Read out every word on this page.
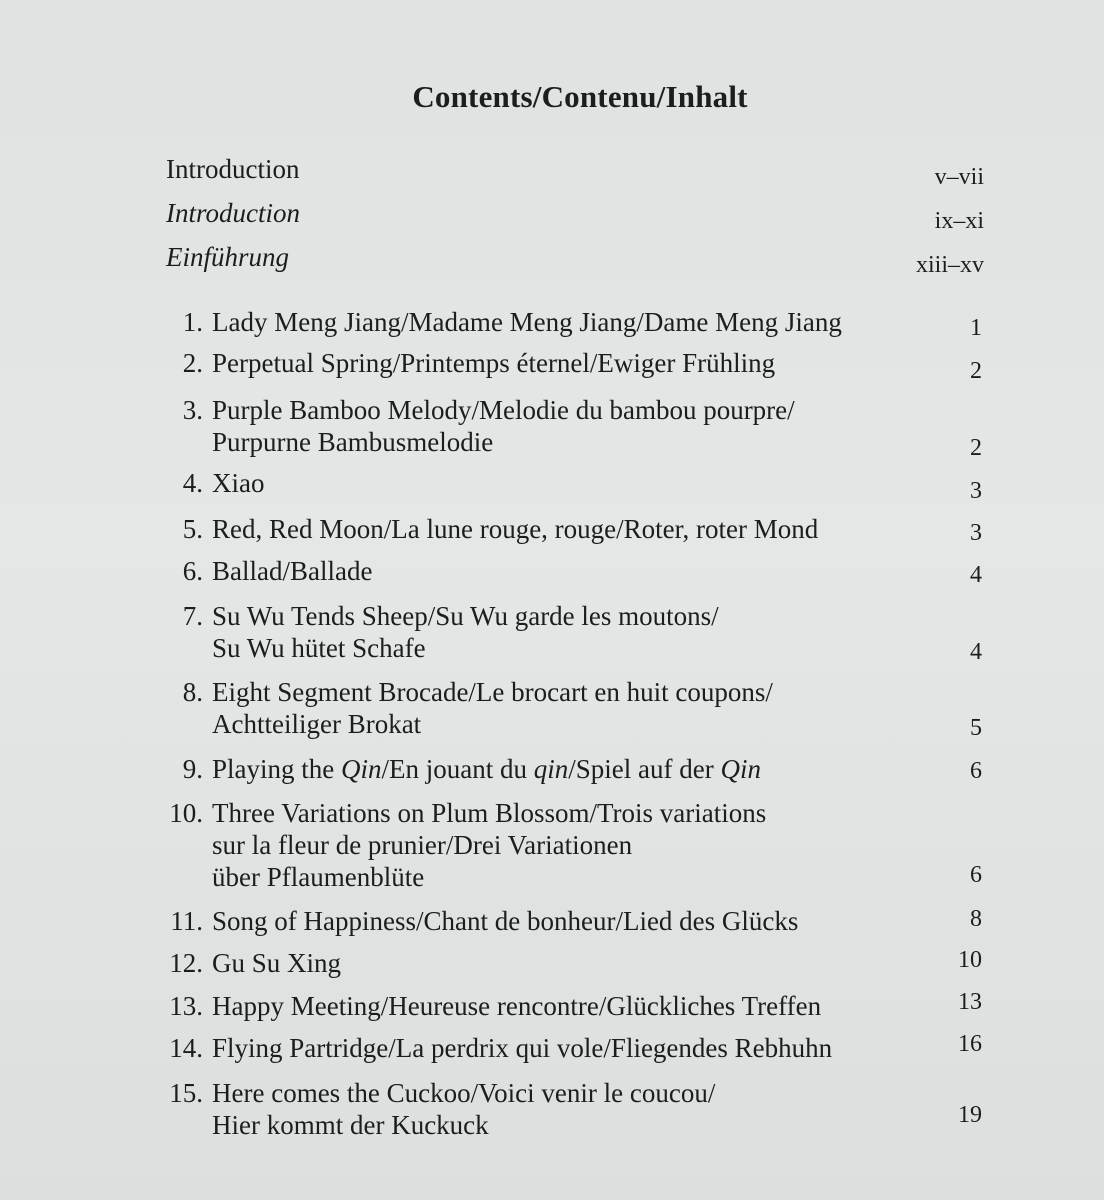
Contents/Contenu/Inhalt
Introduction	v–vii
Introduction	ix–xi
Einführung	xiii–xv
1. Lady Meng Jiang/Madame Meng Jiang/Dame Meng Jiang	1
2. Perpetual Spring/Printemps éternel/Ewiger Frühling	2
3. Purple Bamboo Melody/Melodie du bambou pourpre/
Purpurne Bambusmelodie	2
4. Xiao	3
5. Red, Red Moon/La lune rouge, rouge/Roter, roter Mond	3
6. Ballad/Ballade	4
7. Su Wu Tends Sheep/Su Wu garde les moutons/
Su Wu hütet Schafe	4
8. Eight Segment Brocade/Le brocart en huit coupons/
Achtteiliger Brokat	5
9. Playing the Qin/En jouant du qin/Spiel auf der Qin	6
10. Three Variations on Plum Blossom/Trois variations
sur la fleur de prunier/Drei Variationen
über Pflaumenblüte	6
11. Song of Happiness/Chant de bonheur/Lied des Glücks	8
12. Gu Su Xing	10
13. Happy Meeting/Heureuse rencontre/Glückliches Treffen	13
14. Flying Partridge/La perdrix qui vole/Fliegendes Rebhuhn	16
15. Here comes the Cuckoo/Voici venir le coucou/
Hier kommt der Kuckuck	19
